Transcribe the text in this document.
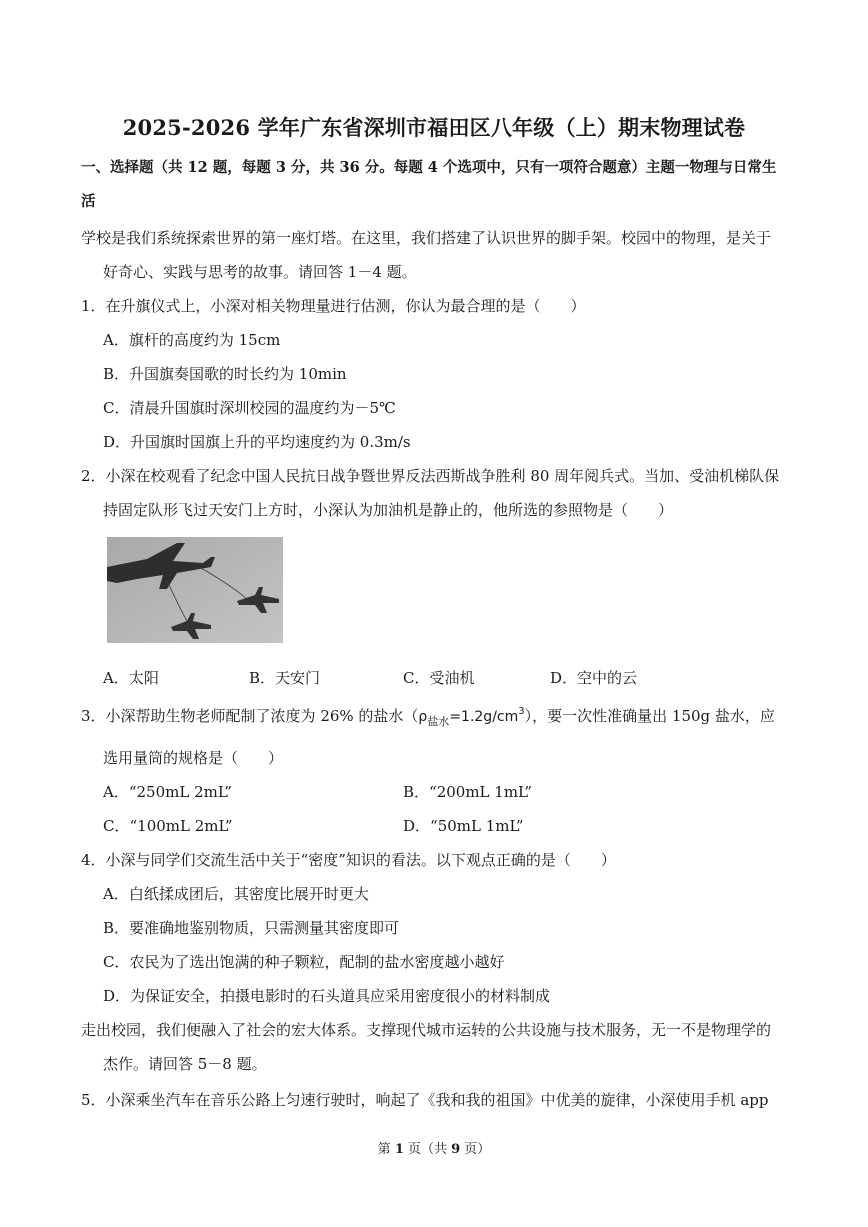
2025-2026 学年广东省深圳市福田区八年级（上）期末物理试卷
一、选择题（共 12 题，每题 3 分，共 36 分。每题 4 个选项中，只有一项符合题意）主题一物理与日常生
活
学校是我们系统探索世界的第一座灯塔。在这里，我们搭建了认识世界的脚手架。校园中的物理，是关于
好奇心、实践与思考的故事。请回答 1－4 题。
1．在升旗仪式上，小深对相关物理量进行估测，你认为最合理的是（　　）
A．旗杆的高度约为 15cm
B．升国旗奏国歌的时长约为 10min
C．清晨升国旗时深圳校园的温度约为－5℃
D．升国旗时国旗上升的平均速度约为 0.3m/s
2．小深在校观看了纪念中国人民抗日战争暨世界反法西斯战争胜利 80 周年阅兵式。当加、受油机梯队保
持固定队形飞过天安门上方时，小深认为加油机是静止的，他所选的参照物是（　　）
A．太阳	B．天安门	C．受油机	D．空中的云
3．小深帮助生物老师配制了浓度为 26% 的盐水$(\rho_{盐水}=1.2g/cm^3)$，要一次性准确量出 150g 盐水，应
选用量筒的规格是（　　）
A．“250mL 2mL”	B．“200mL 1mL”
C．“100mL 2mL”	D．“50mL 1mL”
4．小深与同学们交流生活中关于“密度”知识的看法。以下观点正确的是（　　）
A．白纸揉成团后，其密度比展开时更大
B．要准确地鉴别物质，只需测量其密度即可
C．农民为了选出饱满的种子颗粒，配制的盐水密度越小越好
D．为保证安全，拍摄电影时的石头道具应采用密度很小的材料制成
走出校园，我们便融入了社会的宏大体系。支撑现代城市运转的公共设施与技术服务，无一不是物理学的
杰作。请回答 5－8 题。
5．小深乘坐汽车在音乐公路上匀速行驶时，响起了《我和我的祖国》中优美的旋律，小深使用手机 app
第 1 页（共 9 页）
